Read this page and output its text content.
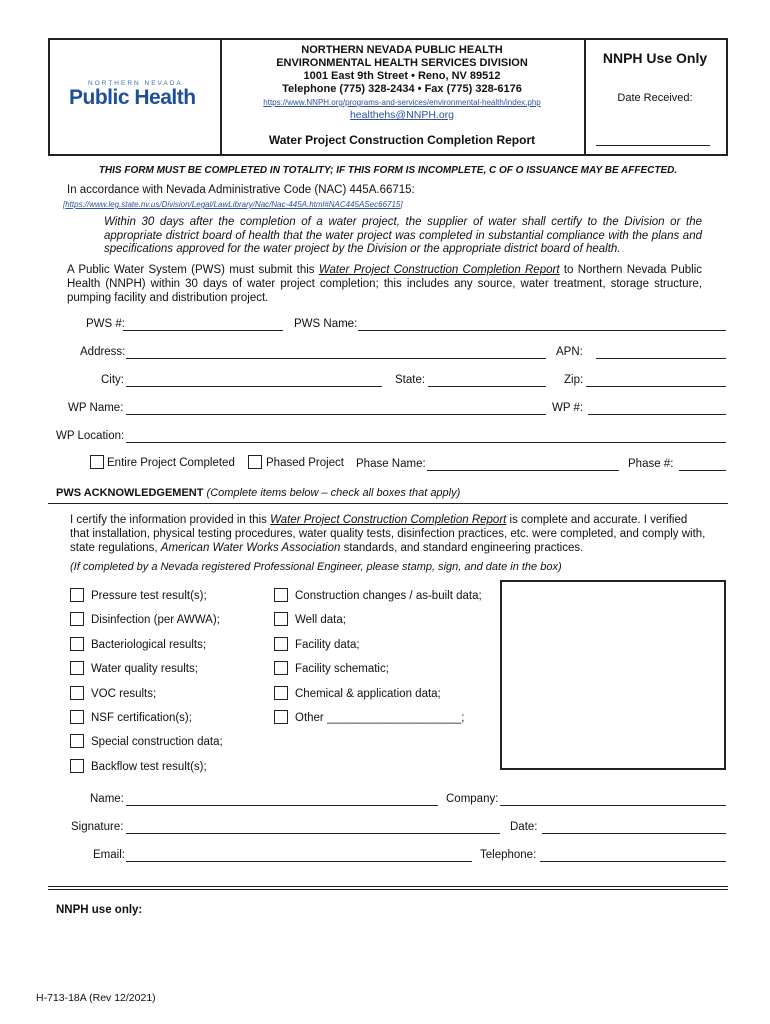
NORTHERN NEVADA
Public Health
NORTHERN NEVADA PUBLIC HEALTH
ENVIRONMENTAL HEALTH SERVICES DIVISION
1001 East 9th Street • Reno, NV 89512
Telephone (775) 328-2434 • Fax (775) 328-6176
https://www.NNPH.org/programs-and-services/environmental-health/index.php
healthehs@NNPH.org
Water Project Construction Completion Report
NNPH Use Only
Date Received:
THIS FORM MUST BE COMPLETED IN TOTALITY; IF THIS FORM IS INCOMPLETE, C OF O ISSUANCE MAY BE AFFECTED.
In accordance with Nevada Administrative Code (NAC) 445A.66715:
[https://www.leg.state.nv.us/Division/Legal/LawLibrary/Nac/Nac-445A.html#NAC445ASec66715]
Within 30 days after the completion of a water project, the supplier of water shall certify to the Division or the appropriate district board of health that the water project was completed in substantial compliance with the plans and specifications approved for the water project by the Division or the appropriate district board of health.
A Public Water System (PWS) must submit this Water Project Construction Completion Report to Northern Nevada Public Health (NNPH) within 30 days of water project completion; this includes any source, water treatment, storage structure, pumping facility and distribution project.
PWS #:	PWS Name:
Address:	APN:
City:	State:	Zip:
WP Name:	WP #:
WP Location:
Entire Project Completed	Phased Project Phase Name:	Phase #:
PWS ACKNOWLEDGEMENT (Complete items below – check all boxes that apply)
I certify the information provided in this Water Project Construction Completion Report is complete and accurate. I verified that installation, physical testing procedures, water quality tests, disinfection practices, etc. were completed, and comply with, state regulations, American Water Works Association standards, and standard engineering practices.
(If completed by a Nevada registered Professional Engineer, please stamp, sign, and date in the box)
Pressure test result(s);
Disinfection (per AWWA);
Bacteriological results;
Water quality results;
VOC results;
NSF certification(s);
Special construction data;
Backflow test result(s);
Construction changes / as-built data;
Well data;
Facility data;
Facility schematic;
Chemical & application data;
Other _____________________;
Name:	Company:
Signature:	Date:
Email:	Telephone:
NNPH use only:
H-713-18A (Rev 12/2021)
